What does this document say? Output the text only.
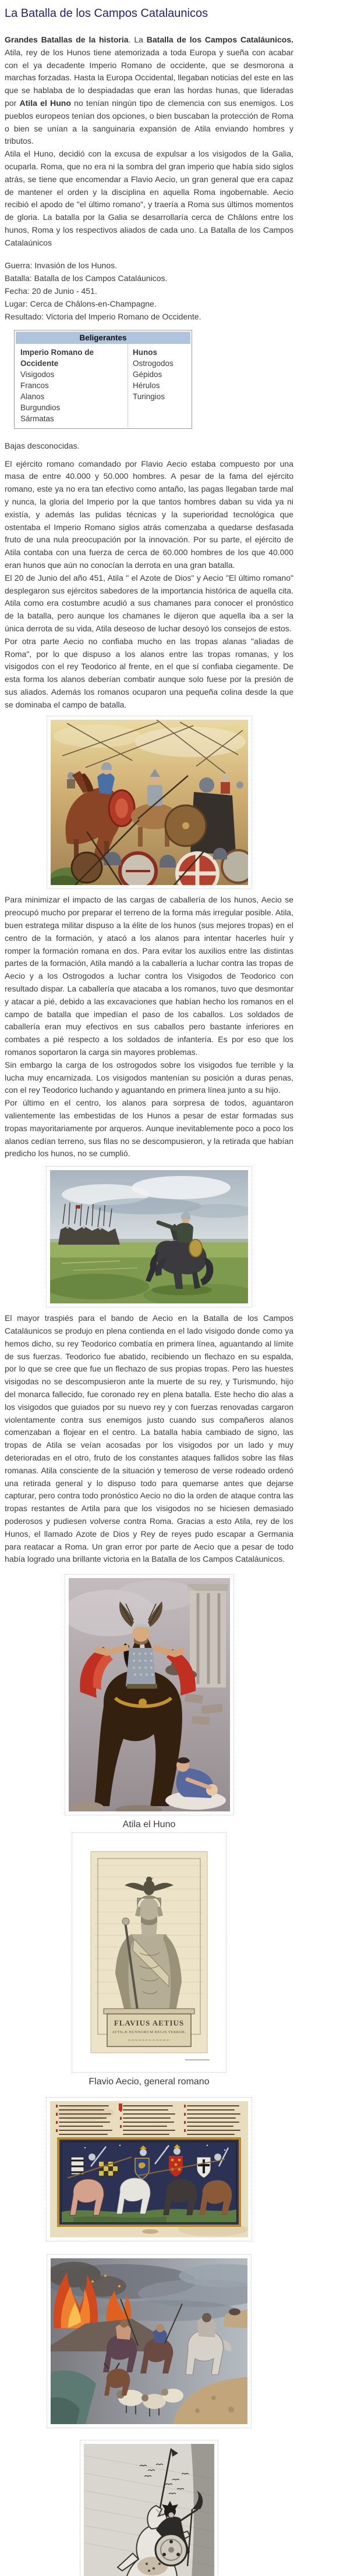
La Batalla de los Campos Catalaunicos

Grandes Batallas de la historia. La Batalla de los Campos Cataláunicos. Atila, rey de los Hunos tiene atemorizada a toda Europa y sueña con acabar con el ya decadente Imperio Romano de occidente, que se desmorona a marchas forzadas. Hasta la Europa Occidental, llegaban noticias del este en las que se hablaba de lo despiadadas que eran las hordas hunas, que lideradas por Atila el Huno no tenían ningún tipo de clemencia con sus enemigos. Los pueblos europeos tenían dos opciones, o bien buscaban la protección de Roma o bien se unían a la sanguinaria expansión de Atila enviando hombres y tributos.

Atila el Huno, decidió con la excusa de expulsar a los visigodos de la Galia, ocuparla. Roma, que no era ni la sombra del gran imperio que había sido siglos atrás, se tiene que encomendar a Flavio Aecio, un gran general que era capaz de mantener el orden y la disciplina en aquella Roma ingobernable. Aecio recibió el apodo de "el último romano", y traería a Roma sus últimos momentos de gloria. La batalla por la Galia se desarrollaría cerca de Châlons entre los hunos, Roma y los respectivos aliados de cada uno. La Batalla de los Campos Catalaúnicos

Guerra: Invasión de los Hunos.
Batalla: Batalla de los Campos Cataláunicos.
Fecha: 20 de Junio - 451.
Lugar: Cerca de Châlons-en-Champagne.
Resultado: Victoria del Imperio Romano de Occidente.
Beligerantes
Imperio Romano de Occidente
Visigodos
Francos
Alanos
Burgundios
Sármatas
Hunos
Ostrogodos
Gépidos
Hérulos
Turingios

Bajas desconocidas.

El ejército romano comandado por Flavio Aecio estaba compuesto por una masa de entre 40.000 y 50.000 hombres. A pesar de la fama del ejército romano, este ya no era tan efectivo como antaño, las pagas llegaban tarde mal y nunca, la gloria del Imperio por la que tantos hombres daban su vida ya ni existía, y además las pulidas técnicas y la superioridad tecnológica que ostentaba el Imperio Romano siglos atrás comenzaba a quedarse desfasada fruto de una nula preocupación por la innovación. Por su parte, el ejército de Atila contaba con una fuerza de cerca de 60.000 hombres de los que 40.000 eran hunos que aún no conocían la derrota en una gran batalla.

El 20 de Junio del año 451, Atila " el Azote de Dios" y Aecio "El último romano" desplegaron sus ejércitos sabedores de la importancia histórica de aquella cita. Atila como era costumbre acudió a sus chamanes para conocer el pronóstico de la batalla, pero aunque los chamanes le dijeron que aquella iba a ser la única derrota de su vida, Atila deseoso de luchar desoyó los consejos de estos.

Por otra parte Aecio no confiaba mucho en las tropas alanas "aliadas de Roma", por lo que dispuso a los alanos entre las tropas romanas, y los visigodos con el rey Teodorico al frente, en el que sí confiaba ciegamente. De esta forma los alanos deberían combatir aunque solo fuese por la presión de sus aliados. Además los romanos ocuparon una pequeña colina desde la que se dominaba el campo de batalla.

Para minimizar el impacto de las cargas de caballería de los hunos, Aecio se preocupó mucho por preparar el terreno de la forma más irregular posible. Atila, buen estratega militar dispuso a la élite de los hunos (sus mejores tropas) en el centro de la formación, y atacó a los alanos para intentar hacerles huír y romper la formación romana en dos. Para evitar los auxilios entre las distintas partes de la formación, Atila mandó a la caballería a luchar contra las tropas de Aecio y a los Ostrogodos a luchar contra los Visigodos de Teodorico con resultado dispar. La caballería que atacaba a los romanos, tuvo que desmontar y atacar a pié, debido a las excavaciones que habían hecho los romanos en el campo de batalla que impedían el paso de los caballos. Los soldados de caballería eran muy efectivos en sus caballos pero bastante inferiores en combates a pié respecto a los soldados de infantería. Es por eso que los romanos soportaron la carga sin mayores problemas.

Sin embargo la carga de los ostrogodos sobre los visigodos fue terrible y la lucha muy encarnizada. Los visigodos mantenían su posición a duras penas, con el rey Teodorico luchando y aguantando en primera línea junto a su hijo.

Por último en el centro, los alanos para sorpresa de todos, aguantaron valientemente las embestidas de los Hunos a pesar de estar formadas sus tropas mayoritariamente por arqueros. Aunque inevitablemente poco a poco los alanos cedían terreno, sus filas no se descompusieron, y la retirada que habían predicho los hunos, no se cumplió.

El mayor traspiés para el bando de Aecio en la Batalla de los Campos Cataláunicos se produjo en plena contienda en el lado visigodo donde como ya hemos dicho, su rey Teodorico combatía en primera línea, aguantando al límite de sus fuerzas. Teodorico fue abatido, recibiendo un flechazo en su espalda, por lo que se cree que fue un flechazo de sus propias tropas. Pero las huestes visigodas no se descompusieron ante la muerte de su rey, y Turismundo, hijo del monarca fallecido, fue coronado rey en plena batalla. Este hecho dio alas a los visigodos que guiados por su nuevo rey y con fuerzas renovadas cargaron violentamente contra sus enemigos justo cuando sus compañeros alanos comenzaban a flojear en el centro. La batalla había cambiado de signo, las tropas de Atila se veían acosadas por los visigodos por un lado y muy deterioradas en el otro, fruto de los constantes ataques fallidos sobre las filas romanas. Atila consciente de la situación y temeroso de verse rodeado ordenó una retirada general y lo dispuso todo para quemarse antes que dejarse capturar, pero contra todo pronóstico Aecio no dio la orden de ataque contra las tropas restantes de Artila para que los visigodos no se hiciesen demasiado poderosos y pudiesen volverse contra Roma. Gracias a esto Atila, rey de los Hunos, el llamado Azote de Dios y Rey de reyes pudo escapar a Germania para reatacar a Roma. Un gran error por parte de Aecio que a pesar de todo había logrado una brillante victoria en la Batalla de los Campos Cataláunicos.

Atila el Huno
FLAVIUS AETIUS
ATTILÆ HUNNORUM REGIS TERROR.
Flavio Aecio, general romano
